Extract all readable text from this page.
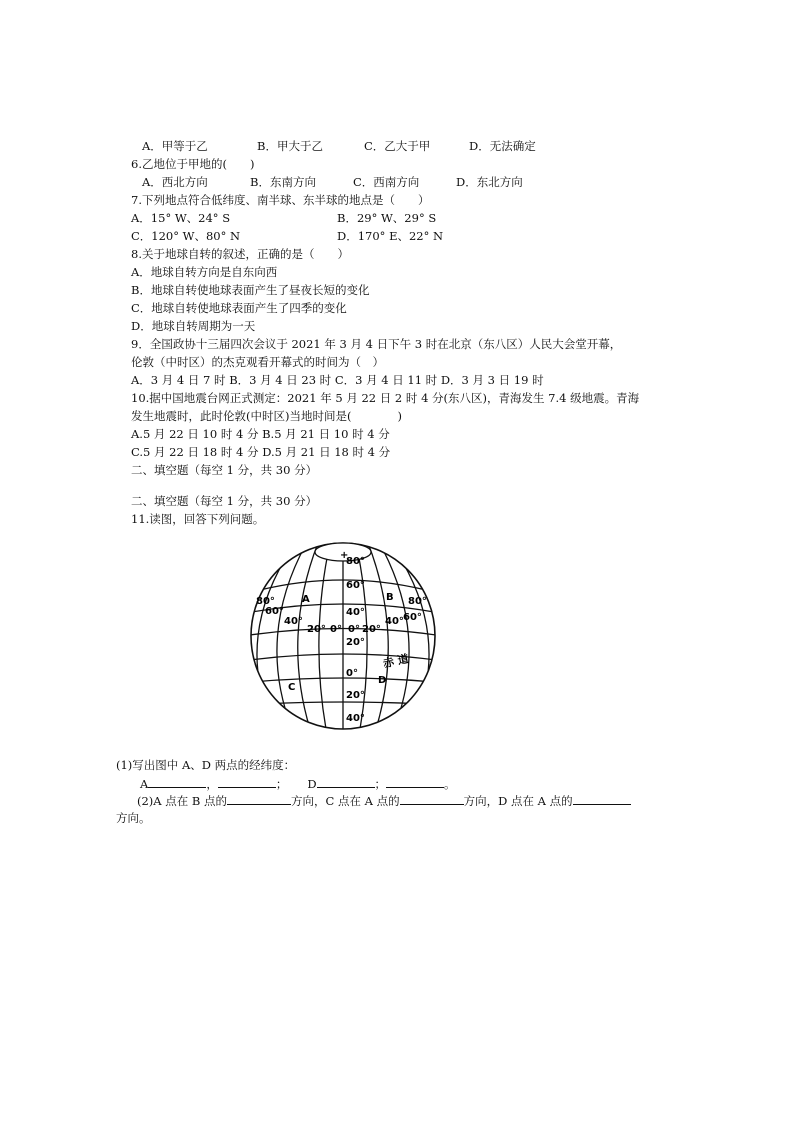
A．甲等于乙	B．甲大于乙	C．乙大于甲	D．无法确定
6.乙地位于甲地的(　　)
A．西北方向	B．东南方向	C．西南方向	D．东北方向
7.下列地点符合低纬度、南半球、东半球的地点是（　　）
A．15° W、24° S	B．29° W、29° S
C．120° W、80° N	D．170° E、22° N
8.关于地球自转的叙述，正确的是（　　）
A．地球自转方向是自东向西
B．地球自转使地球表面产生了昼夜长短的变化
C．地球自转使地球表面产生了四季的变化
D．地球自转周期为一天
9．全国政协十三届四次会议于 2021 年 3 月 4 日下午 3 时在北京（东八区）人民大会堂开幕，
伦敦（中时区）的杰克观看开幕式的时间为（　）
A．3 月 4 日 7 时 B．3 月 4 日 23 时 C．3 月 4 日 11 时 D．3 月 3 日 19 时
10.据中国地震台网正式测定：2021 年 5 月 22 日 2 时 4 分(东八区)，青海发生 7.4 级地震。青海
发生地震时，此时伦敦(中时区)当地时间是(　　　　)
A.5 月 22 日 10 时 4 分 B.5 月 21 日 10 时 4 分
C.5 月 22 日 18 时 4 分 D.5 月 21 日 18 时 4 分
二、填空题（每空 1 分，共 30 分）
二、填空题（每空 1 分，共 30 分）
11.读图，回答下列问题。
+
80°
60°
40°
20°
0°
20°
40°
80°
60°
40°
20° 0° 0°
80°
60°
40°
20°
A	B
C
D
赤 道
(1)写出图中 A、D 两点的经纬度：
A	，	； D	；	。
(2)A 点在 B 点的	方向，C 点在 A 点的	方向，D 点在 A 点的
方向。
